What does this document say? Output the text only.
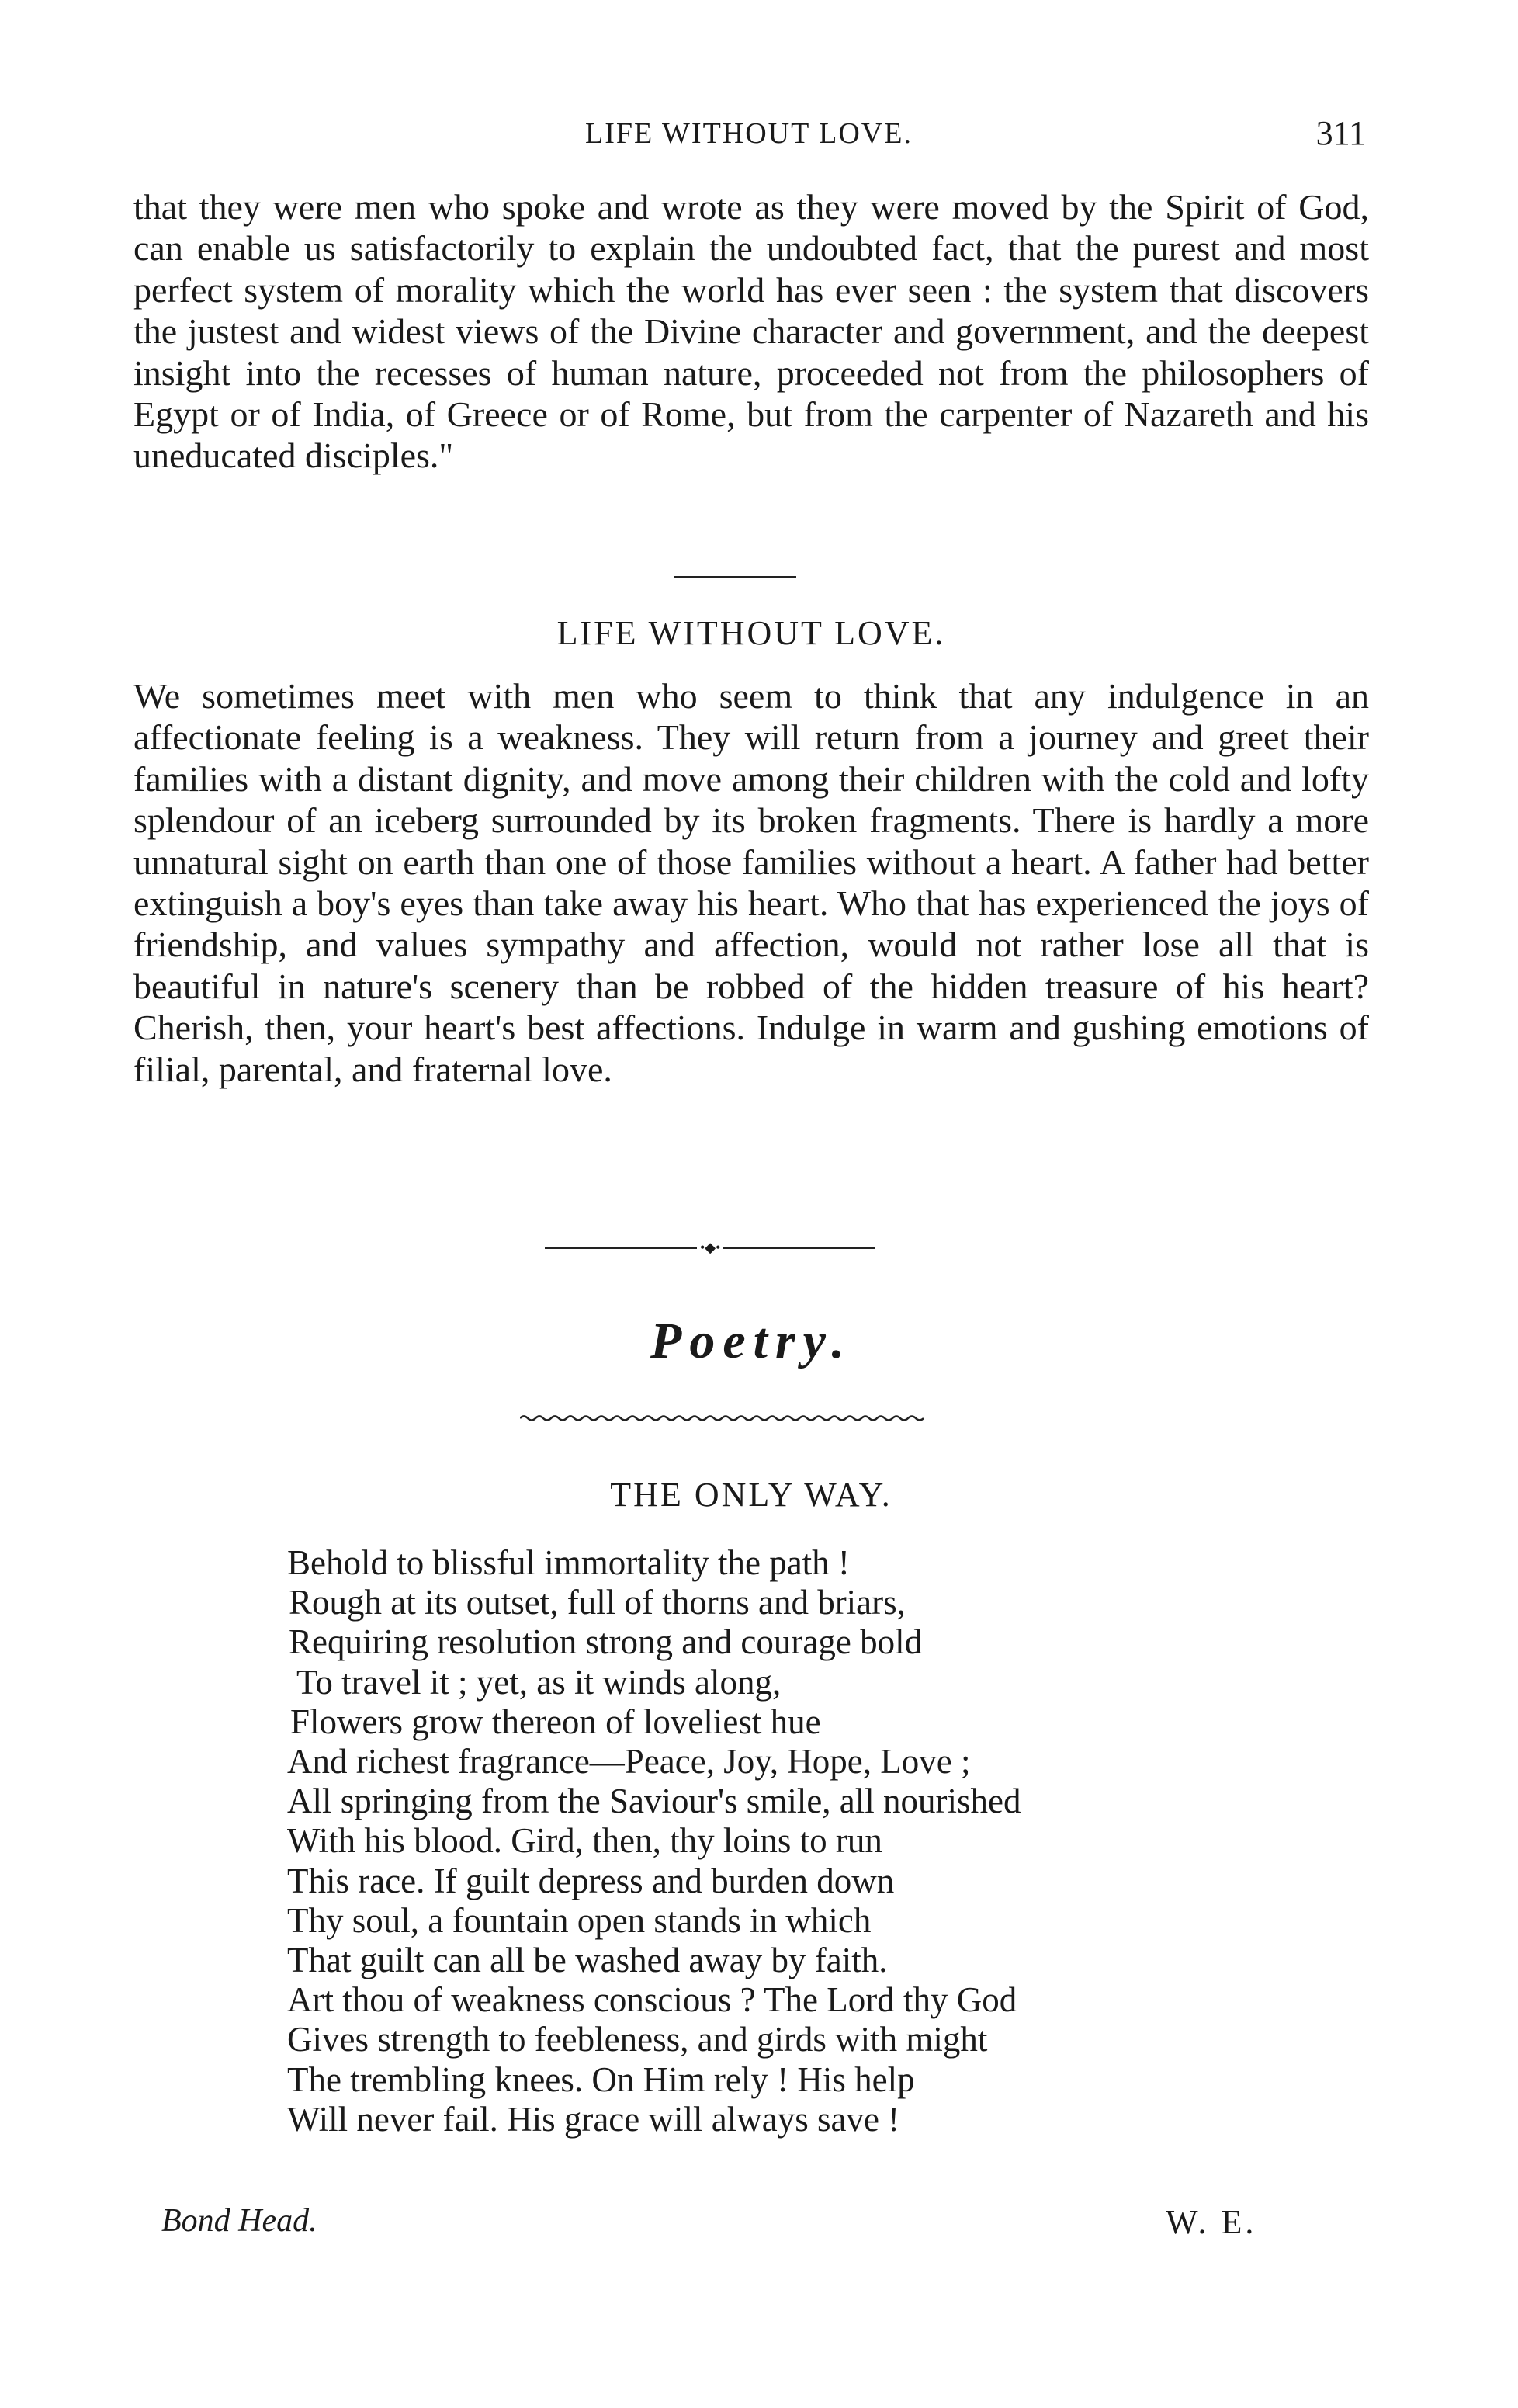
LIFE WITHOUT LOVE.	311

that they were men who spoke and wrote as they were moved by the Spirit of God, can enable us satisfactorily to explain the undoubted fact, that the purest and most perfect system of morality which the world has ever seen : the system that discovers the justest and widest views of the Divine character and government, and the deepest insight into the recesses of human nature, proceeded not from the philosophers of Egypt or of India, of Greece or of Rome, but from the carpenter of Nazareth and his uneducated disciples."

LIFE WITHOUT LOVE.

We sometimes meet with men who seem to think that any indulgence in an affectionate feeling is a weakness. They will return from a journey and greet their families with a distant dignity, and move among their children with the cold and lofty splendour of an iceberg surrounded by its broken fragments. There is hardly a more unnatural sight on earth than one of those families without a heart. A father had better extinguish a boy's eyes than take away his heart. Who that has experienced the joys of friendship, and values sympathy and affection, would not rather lose all that is beautiful in nature's scenery than be robbed of the hidden treasure of his heart? Cherish, then, your heart's best affections. Indulge in warm and gushing emotions of filial, parental, and fraternal love.

•◆•
Poetry.
THE ONLY WAY.
Behold to blissful immortality the path !
Rough at its outset, full of thorns and briars,
Requiring resolution strong and courage bold
To travel it ; yet, as it winds along,
Flowers grow thereon of loveliest hue
And richest fragrance—Peace, Joy, Hope, Love ;
All springing from the Saviour's smile, all nourished
With his blood. Gird, then, thy loins to run
This race. If guilt depress and burden down
Thy soul, a fountain open stands in which
That guilt can all be washed away by faith.
Art thou of weakness conscious ? The Lord thy God
Gives strength to feebleness, and girds with might
The trembling knees. On Him rely ! His help
Will never fail. His grace will always save !
Bond Head.	W. E.
